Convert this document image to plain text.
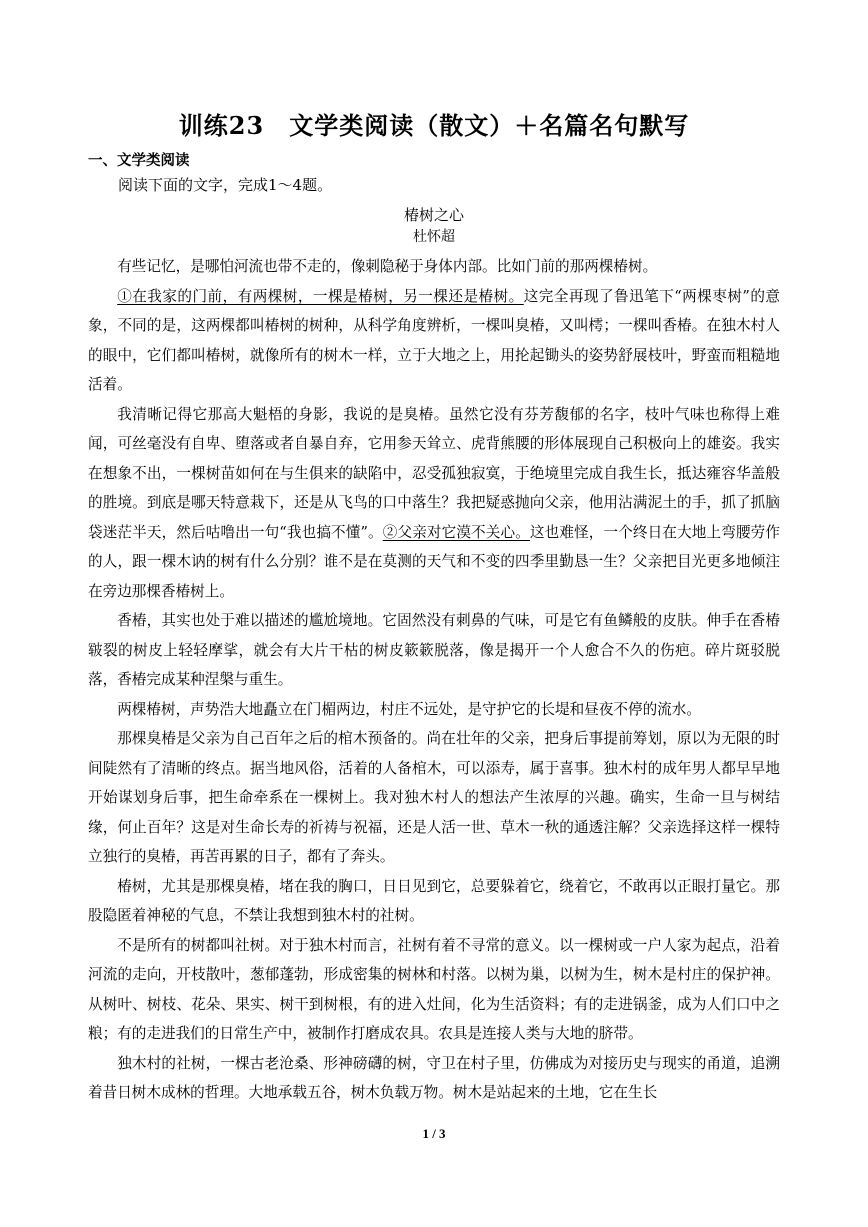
训练23　文学类阅读（散文）＋名篇名句默写
一、文学类阅读
阅读下面的文字，完成1～4题。
椿树之心
杜怀超

有些记忆，是哪怕河流也带不走的，像刺隐秘于身体内部。比如门前的那两棵椿树。

①在我家的门前，有两棵树，一棵是椿树，另一棵还是椿树。这完全再现了鲁迅笔下“两棵枣树”的意象，不同的是，这两棵都叫椿树的树种，从科学角度辨析，一棵叫臭椿，又叫樗；一棵叫香椿。在独木村人的眼中，它们都叫椿树，就像所有的树木一样，立于大地之上，用抡起锄头的姿势舒展枝叶，野蛮而粗糙地活着。

我清晰记得它那高大魁梧的身影，我说的是臭椿。虽然它没有芬芳馥郁的名字，枝叶气味也称得上难闻，可丝毫没有自卑、堕落或者自暴自弃，它用参天耸立、虎背熊腰的形体展现自己积极向上的雄姿。我实在想象不出，一棵树苗如何在与生俱来的缺陷中，忍受孤独寂寞，于绝境里完成自我生长，抵达雍容华盖般的胜境。到底是哪天特意栽下，还是从飞鸟的口中落生？我把疑惑抛向父亲，他用沾满泥土的手，抓了抓脑袋迷茫半天，然后咕噜出一句“我也搞不懂”。②父亲对它漠不关心。这也难怪，一个终日在大地上弯腰劳作的人，跟一棵木讷的树有什么分别？谁不是在莫测的天气和不变的四季里勤恳一生？父亲把目光更多地倾注在旁边那棵香椿树上。

香椿，其实也处于难以描述的尴尬境地。它固然没有刺鼻的气味，可是它有鱼鳞般的皮肤。伸手在香椿皲裂的树皮上轻轻摩挲，就会有大片干枯的树皮簌簌脱落，像是揭开一个人愈合不久的伤疤。碎片斑驳脱落，香椿完成某种涅槃与重生。

两棵椿树，声势浩大地矗立在门楣两边，村庄不远处，是守护它的长堤和昼夜不停的流水。

那棵臭椿是父亲为自己百年之后的棺木预备的。尚在壮年的父亲，把身后事提前筹划，原以为无限的时间陡然有了清晰的终点。据当地风俗，活着的人备棺木，可以添寿，属于喜事。独木村的成年男人都早早地开始谋划身后事，把生命牵系在一棵树上。我对独木村人的想法产生浓厚的兴趣。确实，生命一旦与树结缘，何止百年？这是对生命长寿的祈祷与祝福，还是人活一世、草木一秋的通透注解？父亲选择这样一棵特立独行的臭椿，再苦再累的日子，都有了奔头。

椿树，尤其是那棵臭椿，堵在我的胸口，日日见到它，总要躲着它，绕着它，不敢再以正眼打量它。那股隐匿着神秘的气息，不禁让我想到独木村的社树。

不是所有的树都叫社树。对于独木村而言，社树有着不寻常的意义。以一棵树或一户人家为起点，沿着河流的走向，开枝散叶，葱郁蓬勃，形成密集的树林和村落。以树为巢，以树为生，树木是村庄的保护神。从树叶、树枝、花朵、果实、树干到树根，有的进入灶间，化为生活资料；有的走进锅釜，成为人们口中之粮；有的走进我们的日常生产中，被制作打磨成农具。农具是连接人类与大地的脐带。

独木村的社树，一棵古老沧桑、形神磅礴的树，守卫在村子里，仿佛成为对接历史与现实的甬道，追溯着昔日树木成林的哲理。大地承载五谷，树木负载万物。树木是站起来的土地，它在生长

1 / 3
